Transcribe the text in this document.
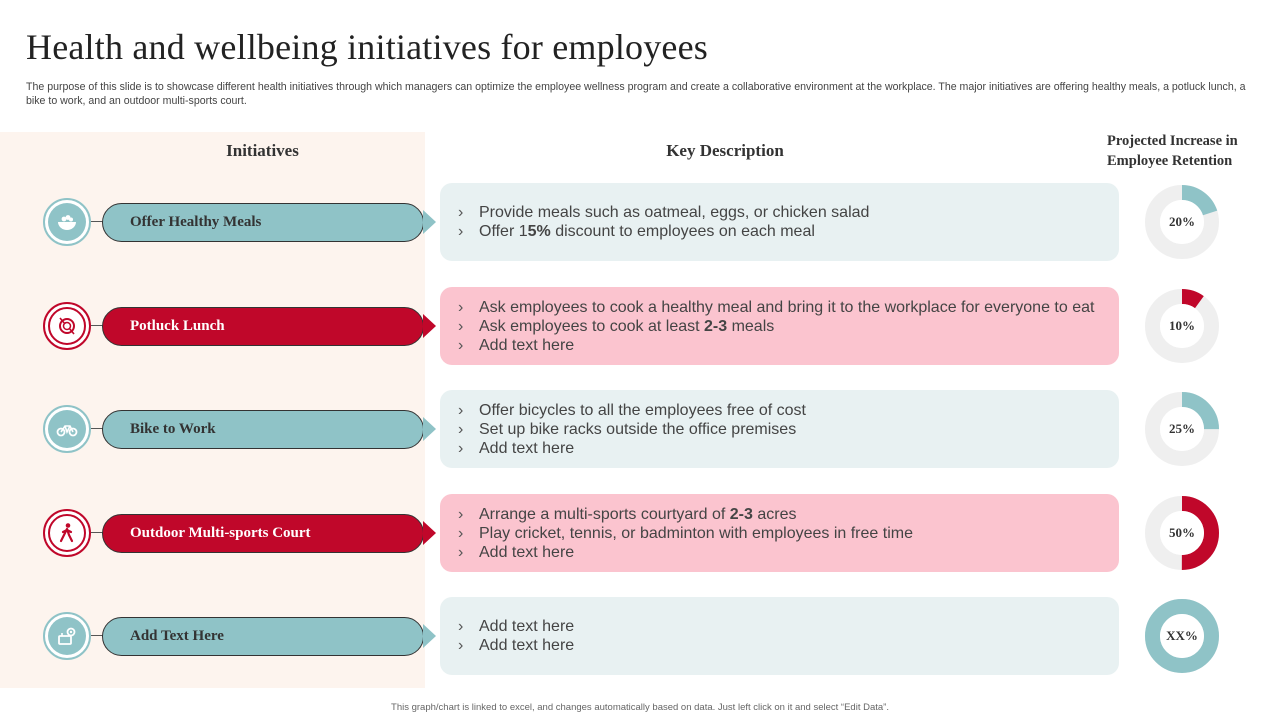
Health and wellbeing initiatives for employees
The purpose of this slide is to showcase different health initiatives through which managers can optimize the employee wellness program and create a collaborative environment at the workplace. The major initiatives are offering healthy meals, a potluck lunch, a bike to work, and an outdoor multi-sports court.
Initiatives	Key Description	Projected Increase in
Employee Retention
Offer Healthy Meals
› Provide meals such as oatmeal, eggs, or chicken salad
› Offer 15% discount to employees on each meal
20%
Potluck Lunch
› Ask employees to cook a healthy meal and bring it to the workplace for everyone to eat
› Ask employees to cook at least 2-3 meals
› Add text here
10%
Bike to Work
› Offer bicycles to all the employees free of cost
› Set up bike racks outside the office premises
› Add text here
25%
Outdoor Multi-sports Court
› Arrange a multi-sports courtyard of 2-3 acres
› Play cricket, tennis, or badminton with employees in free time
› Add text here
50%
Add Text Here
› Add text here
› Add text here
XX%
This graph/chart is linked to excel, and changes automatically based on data. Just left click on it and select “Edit Data”.
